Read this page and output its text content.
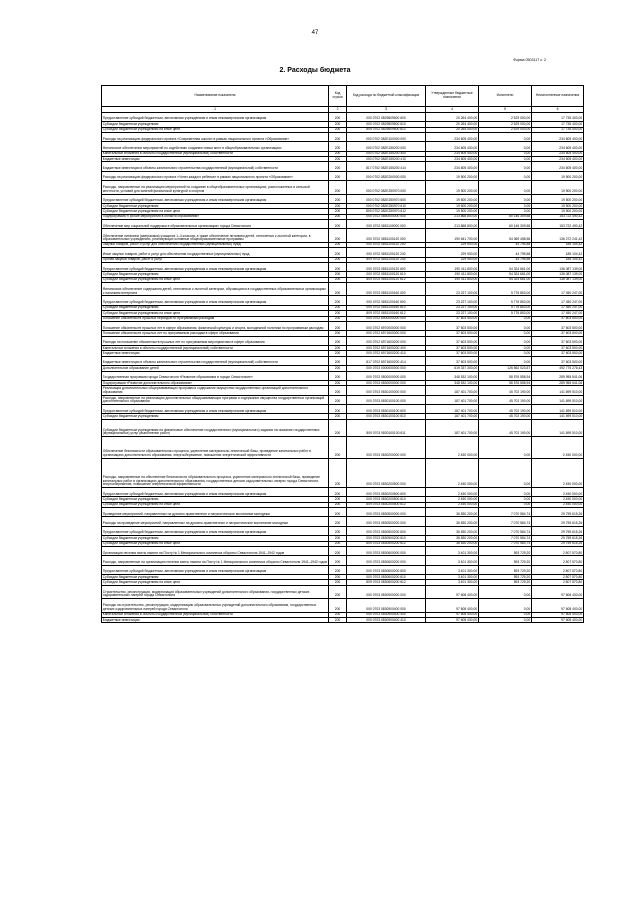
47
Форма 0503117 с. 2
2. Расходы бюджета
Наименование показателя	Код строки	Код расхода по бюджетной классификации	Утвержденные бюджетные назначения	Исполнено	Неисполненные назначения
1	2	3	4	5	6
Предоставление субсидий бюджетным, автономным учреждениям и иным некоммерческим организациям	200	000 0702 0829809500 600	20 264 400,00	2 529 000,00	17 735 400,00
Субсидии бюджетным учреждениям	200	000 0702 0829809500 610	20 264 400,00	2 529 000,00	17 735 400,00
Субсидии бюджетным учреждениям на иные цели	200	809 0702 0829809500 612	20 264 400,00	2 529 000,00	17 735 400,00
Расходы на реализацию федерального проекта «Современная школа» в рамках национального проекта «Образование»	200	000 0702 082E100000 000	234 605 400,00	0,00	234 605 400,00
Финансовое обеспечение мероприятий по содействию созданию новых мест в общеобразовательных организациях	200	000 0702 082E155200 000	234 605 400,00	0,00	234 605 400,00
Капитальные вложения в объекты государственной (муниципальной) собственности	200	000 0702 082E155200 400	234 605 400,00	0,00	234 605 400,00
Бюджетные инвестиции	200	000 0702 082E155200 410	234 605 400,00	0,00	234 605 400,00
Бюджетные инвестиции в объекты капитального строительства государственной (муниципальной) собственности	200	817 0702 082E155200 414	234 605 400,00	0,00	234 605 400,00
Расходы на реализацию федерального проекта «Успех каждого ребенка» в рамках национального проекта «Образование»	200	000 0702 082E200000 000	19 500 200,00	0,00	19 500 200,00
Расходы, направленные на реализацию мероприятий по созданию в общеобразовательных организациях, расположенных в сельской местности, условий для занятий физической культурой и спортом	200	000 0702 082E250970 000	19 500 200,00	0,00	19 500 200,00
Предоставление субсидий бюджетным, автономным учреждениям и иным некоммерческим организациям	200	000 0702 082E250970 600	19 500 200,00	0,00	19 500 200,00
Субсидии бюджетным учреждениям	200	000 0702 082E250970 610	19 500 200,00	0,00	19 500 200,00
Субсидии бюджетным учреждениям на иные цели	200	809 0702 082E250970 612	19 500 200,00	0,00	19 500 200,00
Подпрограмма «Прочие мероприятия в области образования»	200	000 0702 0850000000 000	213 868 800,00	60 146 309,58	153 722 490,42
Обеспечение мер социальной поддержки в образовательных организациях города Севастополя	200	000 0702 0851100000 000	213 868 800,00	60 146 309,58	153 722 490,42
Обеспечение питанием (завтраками) учащихся 1–4 классов, а также обеспечение питанием детей, отнесенных к льготной категории, в образовательных учреждениях, реализующих основные общеобразовательные программы	200	000 0702 0851100120 000	190 641 700,00	54 369 458,58	136 272 241,42
Закупка товаров, работ и услуг для обеспечения государственных (муниципальных) нужд	200	000 0702 0851100120 200	229 900,00	44 795,58	185 104,42
Иные закупки товаров, работ и услуг для обеспечения государственных (муниципальных) нужд	200	000 0702 0851100120 240	229 900,00	44 795,58	185 104,42
Прочая закупка товаров, работ и услуг	200	809 0702 0851100120 244	229 900,00	44 795,58	185 104,42
Предоставление субсидий бюджетным, автономным учреждениям и иным некоммерческим организациям	200	000 0702 0851100120 600	190 411 800,00	54 324 661,00	136 087 139,00
Субсидии бюджетным учреждениям	200	000 0702 0851100120 610	190 411 800,00	54 324 661,00	136 087 139,00
Субсидии бюджетным учреждениям на иные цели	200	809 0702 0851100120 612	190 411 800,00	54 324 661,00	136 087 139,00
Финансовое обеспечение содержания детей, отнесенных к льготной категории, обучающихся в государственных образовательных организациях с наличием интерната	200	000 0702 0851100160 000	23 227 100,00	5 776 853,00	17 450 247,00
Предоставление субсидий бюджетным, автономным учреждениям и иным некоммерческим организациям	200	000 0702 0851100160 600	23 227 100,00	5 776 853,00	17 450 247,00
Субсидии бюджетным учреждениям	200	000 0702 0851100160 610	23 227 100,00	5 776 853,00	17 450 247,00
Субсидии бюджетным учреждениям на иные цели	200	809 0702 0851100160 612	23 227 100,00	5 776 853,00	17 450 247,00
Погашение обязательств прошлых периодов по программным расходам	200	000 0702 6900000000 000	37 603 500,00	0,00	37 603 500,00
Погашение обязательств прошлых лет в сфере образования, физической культуры и спорта, молодежной политики по программным расходам	200	000 0702 6970000000 000	37 603 500,00	0,00	37 603 500,00
Погашение обязательств прошлых лет по программным расходам в сфере образования	200	000 0702 6971600000 000	37 603 500,00	0,00	37 603 500,00
Расходы на погашение обязательств прошлых лет по программным мероприятиям в сфере образования	200	000 0702 6971600200 000	37 603 500,00	0,00	37 603 500,00
Капитальные вложения в объекты государственной (муниципальной) собственности	200	000 0702 6971600200 400	37 603 500,00	0,00	37 603 500,00
Бюджетные инвестиции	200	000 0702 6971600200 410	37 603 500,00	0,00	37 603 500,00
Бюджетные инвестиции в объекты капитального строительства государственной (муниципальной) собственности	200	817 0702 6971600200 414	37 603 500,00	0,00	37 603 500,00
Дополнительное образование детей	200	000 0703 0000000000 000	619 337 300,00	126 562 023,57	492 775 276,43
Государственная программа города Севастополя «Развитие образования в городе Севастополе»	200	000 0703 0800000000 000	348 532 100,00	58 576 558,94	289 955 541,06
Подпрограмма «Развитие дополнительного образования»	200	000 0703 0830000000 000	348 532 100,00	58 576 558,94	289 955 541,06
Реализация дополнительных общеразвивающих программ и содержание имущества государственных организаций дополнительного образования	200	000 0703 0830100000 000	187 401 700,00	45 702 190,00	141 699 510,00
Расходы, направленные на реализацию дополнительных общеразвивающих программ и содержание имущества государственных организаций дополнительного образования	200	000 0703 0830100100 000	187 401 700,00	45 702 190,00	141 699 510,00
Предоставление субсидий бюджетным, автономным учреждениям и иным некоммерческим организациям	200	000 0703 0830100100 600	187 401 700,00	45 702 190,00	141 699 510,00
Субсидии бюджетным учреждениям	200	000 0703 0830100100 610	187 401 700,00	45 702 190,00	141 699 510,00
Субсидии бюджетным учреждениям на финансовое обеспечение государственного (муниципального) задания на оказание государственных (муниципальных) услуг (выполнение работ)	200	809 0703 0830100100 611	187 401 700,00	45 702 190,00	141 699 510,00
Обеспечение безопасности образовательного процесса, укрепление материально-технической базы, проведение капитальных работ в организациях дополнительного образования, энергосбережение, повышение энергетической эффективности	200	000 0703 0830200000 000	2 450 000,00	0,00	2 450 000,00
Расходы, направленные на обеспечение безопасности образовательного процесса, укрепление материально-технической базы, проведение капитальных работ в организациях дополнительного образования, государственных детских оздоровительных лагерях города Севастополя, энергосбережение, повышение энергетической эффективности	200	000 0703 0830200500 000	2 450 000,00	0,00	2 450 000,00
Предоставление субсидий бюджетным, автономным учреждениям и иным некоммерческим организациям	200	000 0703 0830200500 600	2 450 000,00	0,00	2 450 000,00
Субсидии бюджетным учреждениям	200	000 0703 0830200500 610	2 450 000,00	0,00	2 450 000,00
Субсидии бюджетным учреждениям на иные цели	200	809 0703 0830200500 612	2 450 000,00	0,00	2 450 000,00
Проведение мероприятий, направленных на духовно-нравственное и патриотическое воспитание молодежи	200	000 0703 0830500000 000	36 830 200,00	7 070 584,74	29 759 615,26
Расходы на проведение мероприятий, направленных на духовно-нравственное и патриотическое воспитание молодежи	200	000 0703 0830500200 000	36 830 200,00	7 070 584,74	29 759 615,26
Предоставление субсидий бюджетным, автономным учреждениям и иным некоммерческим организациям	200	000 0703 0830500200 600	36 830 200,00	7 070 584,74	29 759 615,26
Субсидии бюджетным учреждениям	200	000 0703 0830500200 610	36 830 200,00	7 070 584,74	29 759 615,26
Субсидии бюджетным учреждениям на иные цели	200	809 0703 0830500200 612	36 830 200,00	7 070 584,74	29 759 615,26
Организация несения вахты памяти на Посту № 1 Мемориального комплекса обороны Севастополя 1941–1942 годов	200	000 0703 0830600000 000	3 401 300,00	593 729,20	2 807 570,80
Расходы, направленные на организацию несения вахты памяти на Посту № 1 Мемориального комплекса обороны Севастополя 1941–1942 годов	200	000 0703 0830600200 000	3 401 300,00	593 729,20	2 807 570,80
Предоставление субсидий бюджетным, автономным учреждениям и иным некоммерческим организациям	200	000 0703 0830600200 600	3 401 300,00	593 729,20	2 807 570,80
Субсидии бюджетным учреждениям	200	000 0703 0830600200 610	3 401 300,00	593 729,20	2 807 570,80
Субсидии бюджетным учреждениям на иные цели	200	809 0703 0830600200 612	3 401 300,00	593 729,20	2 807 570,80
Строительство, реконструкция, модернизация образовательных учреждений дополнительного образования, государственных детских оздоровительных лагерей города Севастополя	200	000 0703 0830900000 000	97 608 400,00	0,00	97 608 400,00
Расходы на строительство, реконструкцию, модернизацию образовательных учреждений дополнительного образования, государственных детских оздоровительных лагерей города Севастополя	200	000 0703 0830900400 000	97 608 400,00	0,00	97 608 400,00
Капитальные вложения в объекты государственной (муниципальной) собственности	200	000 0703 0830900400 400	97 608 400,00	0,00	97 608 400,00
Бюджетные инвестиции	200	000 0703 0830900400 410	97 608 400,00	0,00	97 608 400,00
